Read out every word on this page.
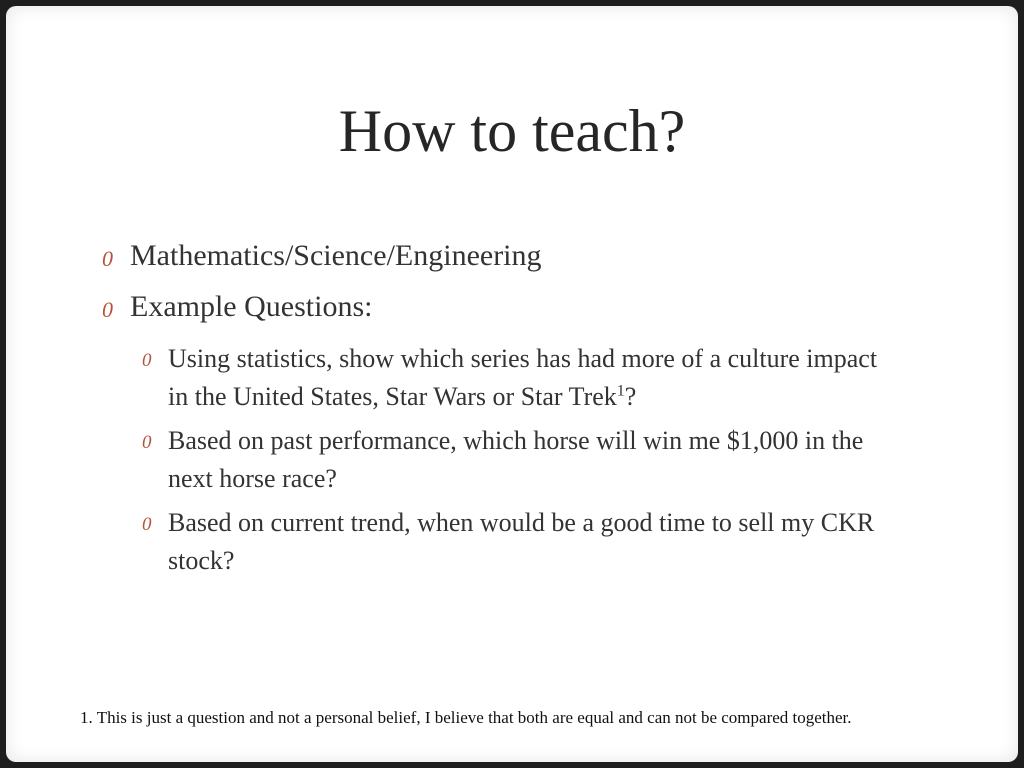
How to teach?
0 Mathematics/Science/Engineering
0 Example Questions:
0 Using statistics, show which series has had more of a culture impact in the United States, Star Wars or Star Trek$^1$?
0 Based on past performance, which horse will win me $1,000 in the next horse race?
0 Based on current trend, when would be a good time to sell my CKR stock?
1. This is just a question and not a personal belief, I believe that both are equal and can not be compared together.
